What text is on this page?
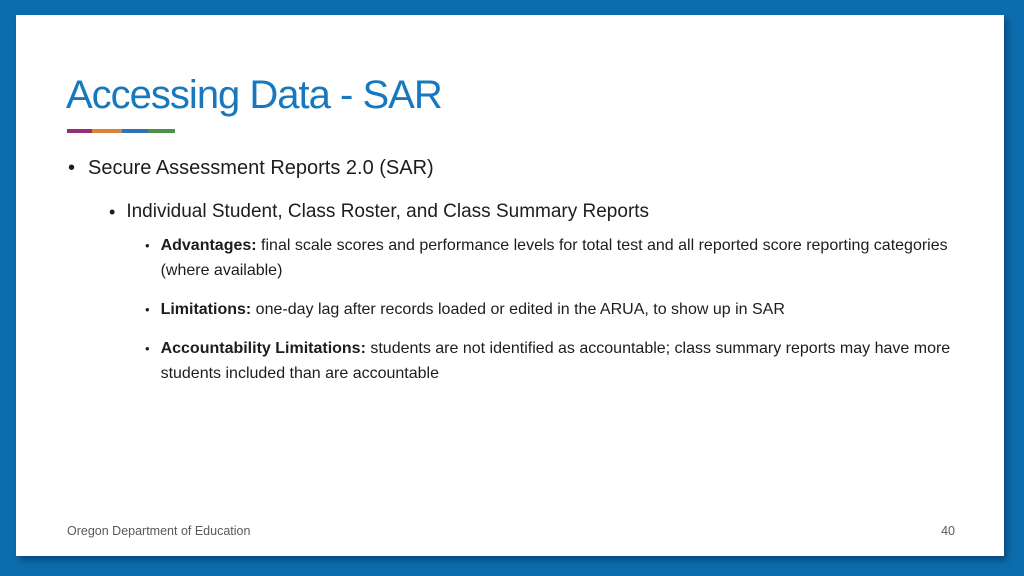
Accessing Data - SAR
• Secure Assessment Reports 2.0 (SAR)
• Individual Student, Class Roster, and Class Summary Reports
• Advantages: final scale scores and performance levels for total test and all reported score reporting categories (where available)
• Limitations: one-day lag after records loaded or edited in the ARUA, to show up in SAR
• Accountability Limitations: students are not identified as accountable; class summary reports may have more students included than are accountable
Oregon Department of Education	40
